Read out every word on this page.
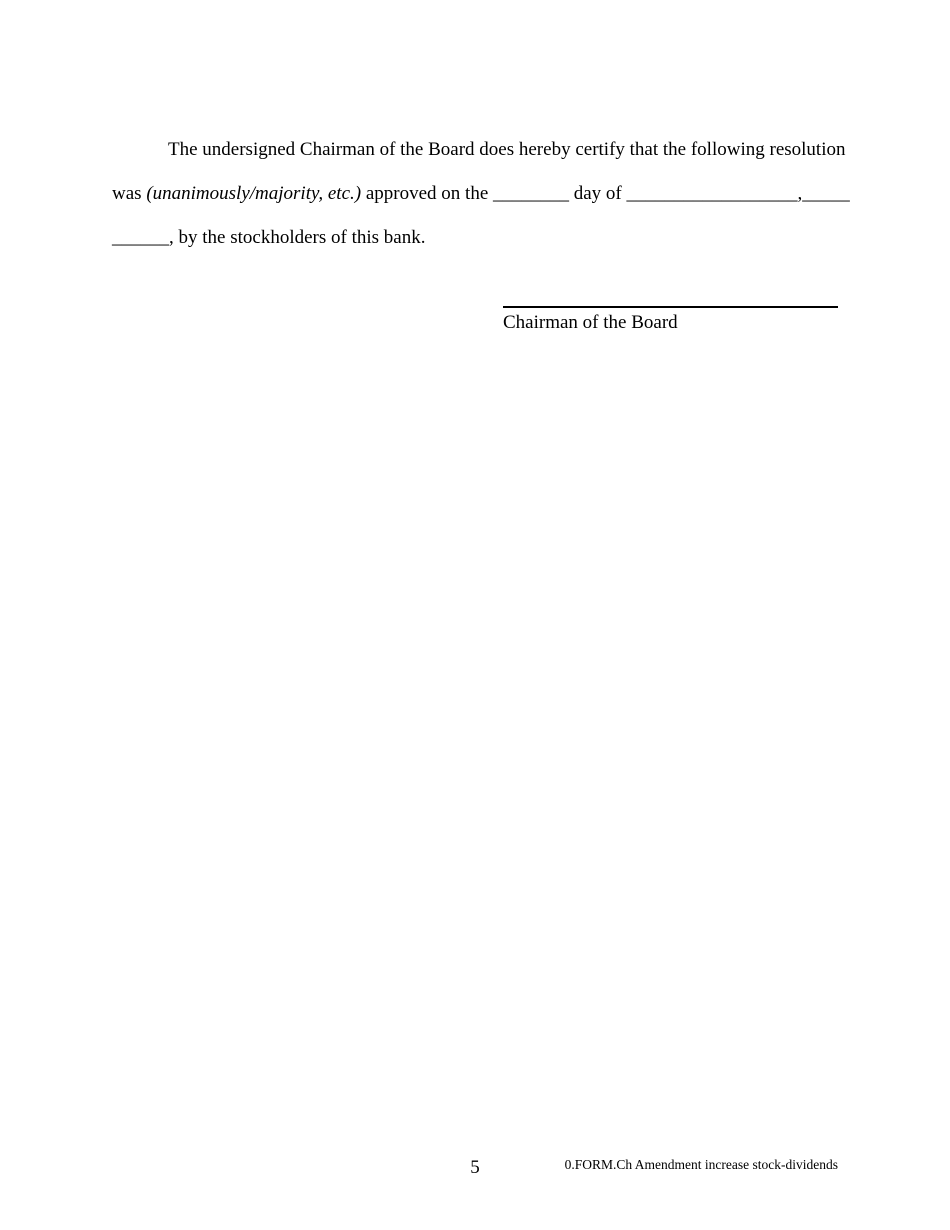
The undersigned Chairman of the Board does hereby certify that the following resolution
was (unanimously/majority, etc.) approved on the ________ day of __________________, _____
______, by the stockholders of this bank.
Chairman of the Board
5	0.FORM.Ch Amendment increase stock-dividends
